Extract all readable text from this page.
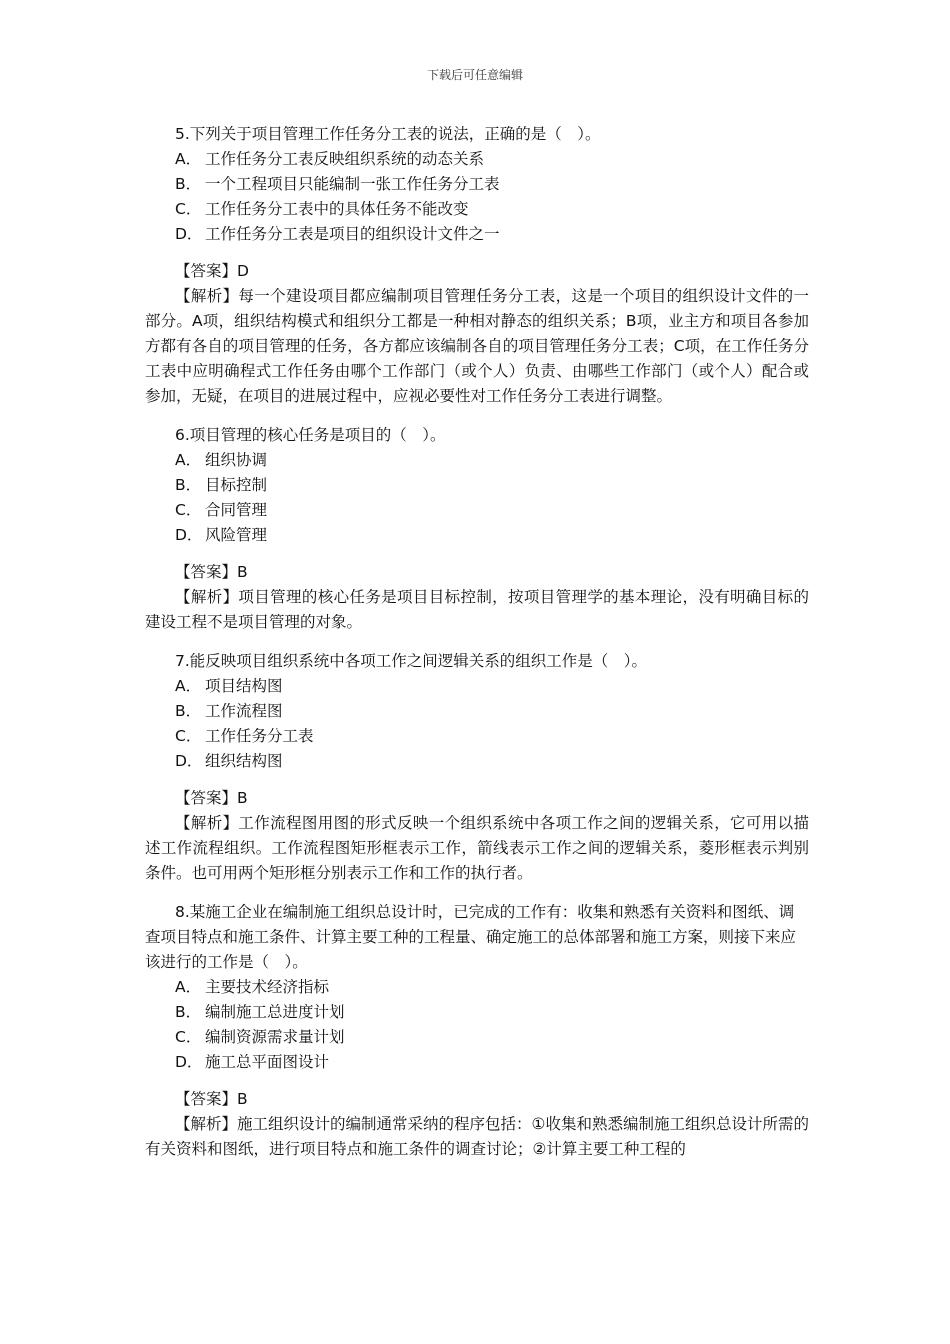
下载后可任意编辑

5.下列关于项目管理工作任务分工表的说法，正确的是（　）。

A． 工作任务分工表反映组织系统的动态关系

B． 一个工程项目只能编制一张工作任务分工表

C． 工作任务分工表中的具体任务不能改变

D． 工作任务分工表是项目的组织设计文件之一

【答案】D

【解析】每一个建设项目都应编制项目管理任务分工表，这是一个项目的组织设计文件的一部分。A项，组织结构模式和组织分工都是一种相对静态的组织关系；B项，业主方和项目各参加方都有各自的项目管理的任务，各方都应该编制各自的项目管理任务分工表；C项，在工作任务分工表中应明确程式工作任务由哪个工作部门（或个人）负责、由哪些工作部门（或个人）配合或参加，无疑，在项目的进展过程中，应视必要性对工作任务分工表进行调整。

6.项目管理的核心任务是项目的（　）。

A． 组织协调

B． 目标控制

C． 合同管理

D． 风险管理

【答案】B

【解析】项目管理的核心任务是项目目标控制，按项目管理学的基本理论，没有明确目标的建设工程不是项目管理的对象。

7.能反映项目组织系统中各项工作之间逻辑关系的组织工作是（　）。

A． 项目结构图

B． 工作流程图

C． 工作任务分工表

D． 组织结构图

【答案】B

【解析】工作流程图用图的形式反映一个组织系统中各项工作之间的逻辑关系，它可用以描述工作流程组织。工作流程图矩形框表示工作，箭线表示工作之间的逻辑关系，菱形框表示判别条件。也可用两个矩形框分别表示工作和工作的执行者。

8.某施工企业在编制施工组织总设计时，已完成的工作有：收集和熟悉有关资料和图纸、调查项目特点和施工条件、计算主要工种的工程量、确定施工的总体部署和施工方案，则接下来应该进行的工作是（　）。

A． 主要技术经济指标

B． 编制施工总进度计划

C． 编制资源需求量计划

D． 施工总平面图设计

【答案】B

【解析】施工组织设计的编制通常采纳的程序包括：①收集和熟悉编制施工组织总设计所需的有关资料和图纸，进行项目特点和施工条件的调查讨论；②计算主要工种工程的
